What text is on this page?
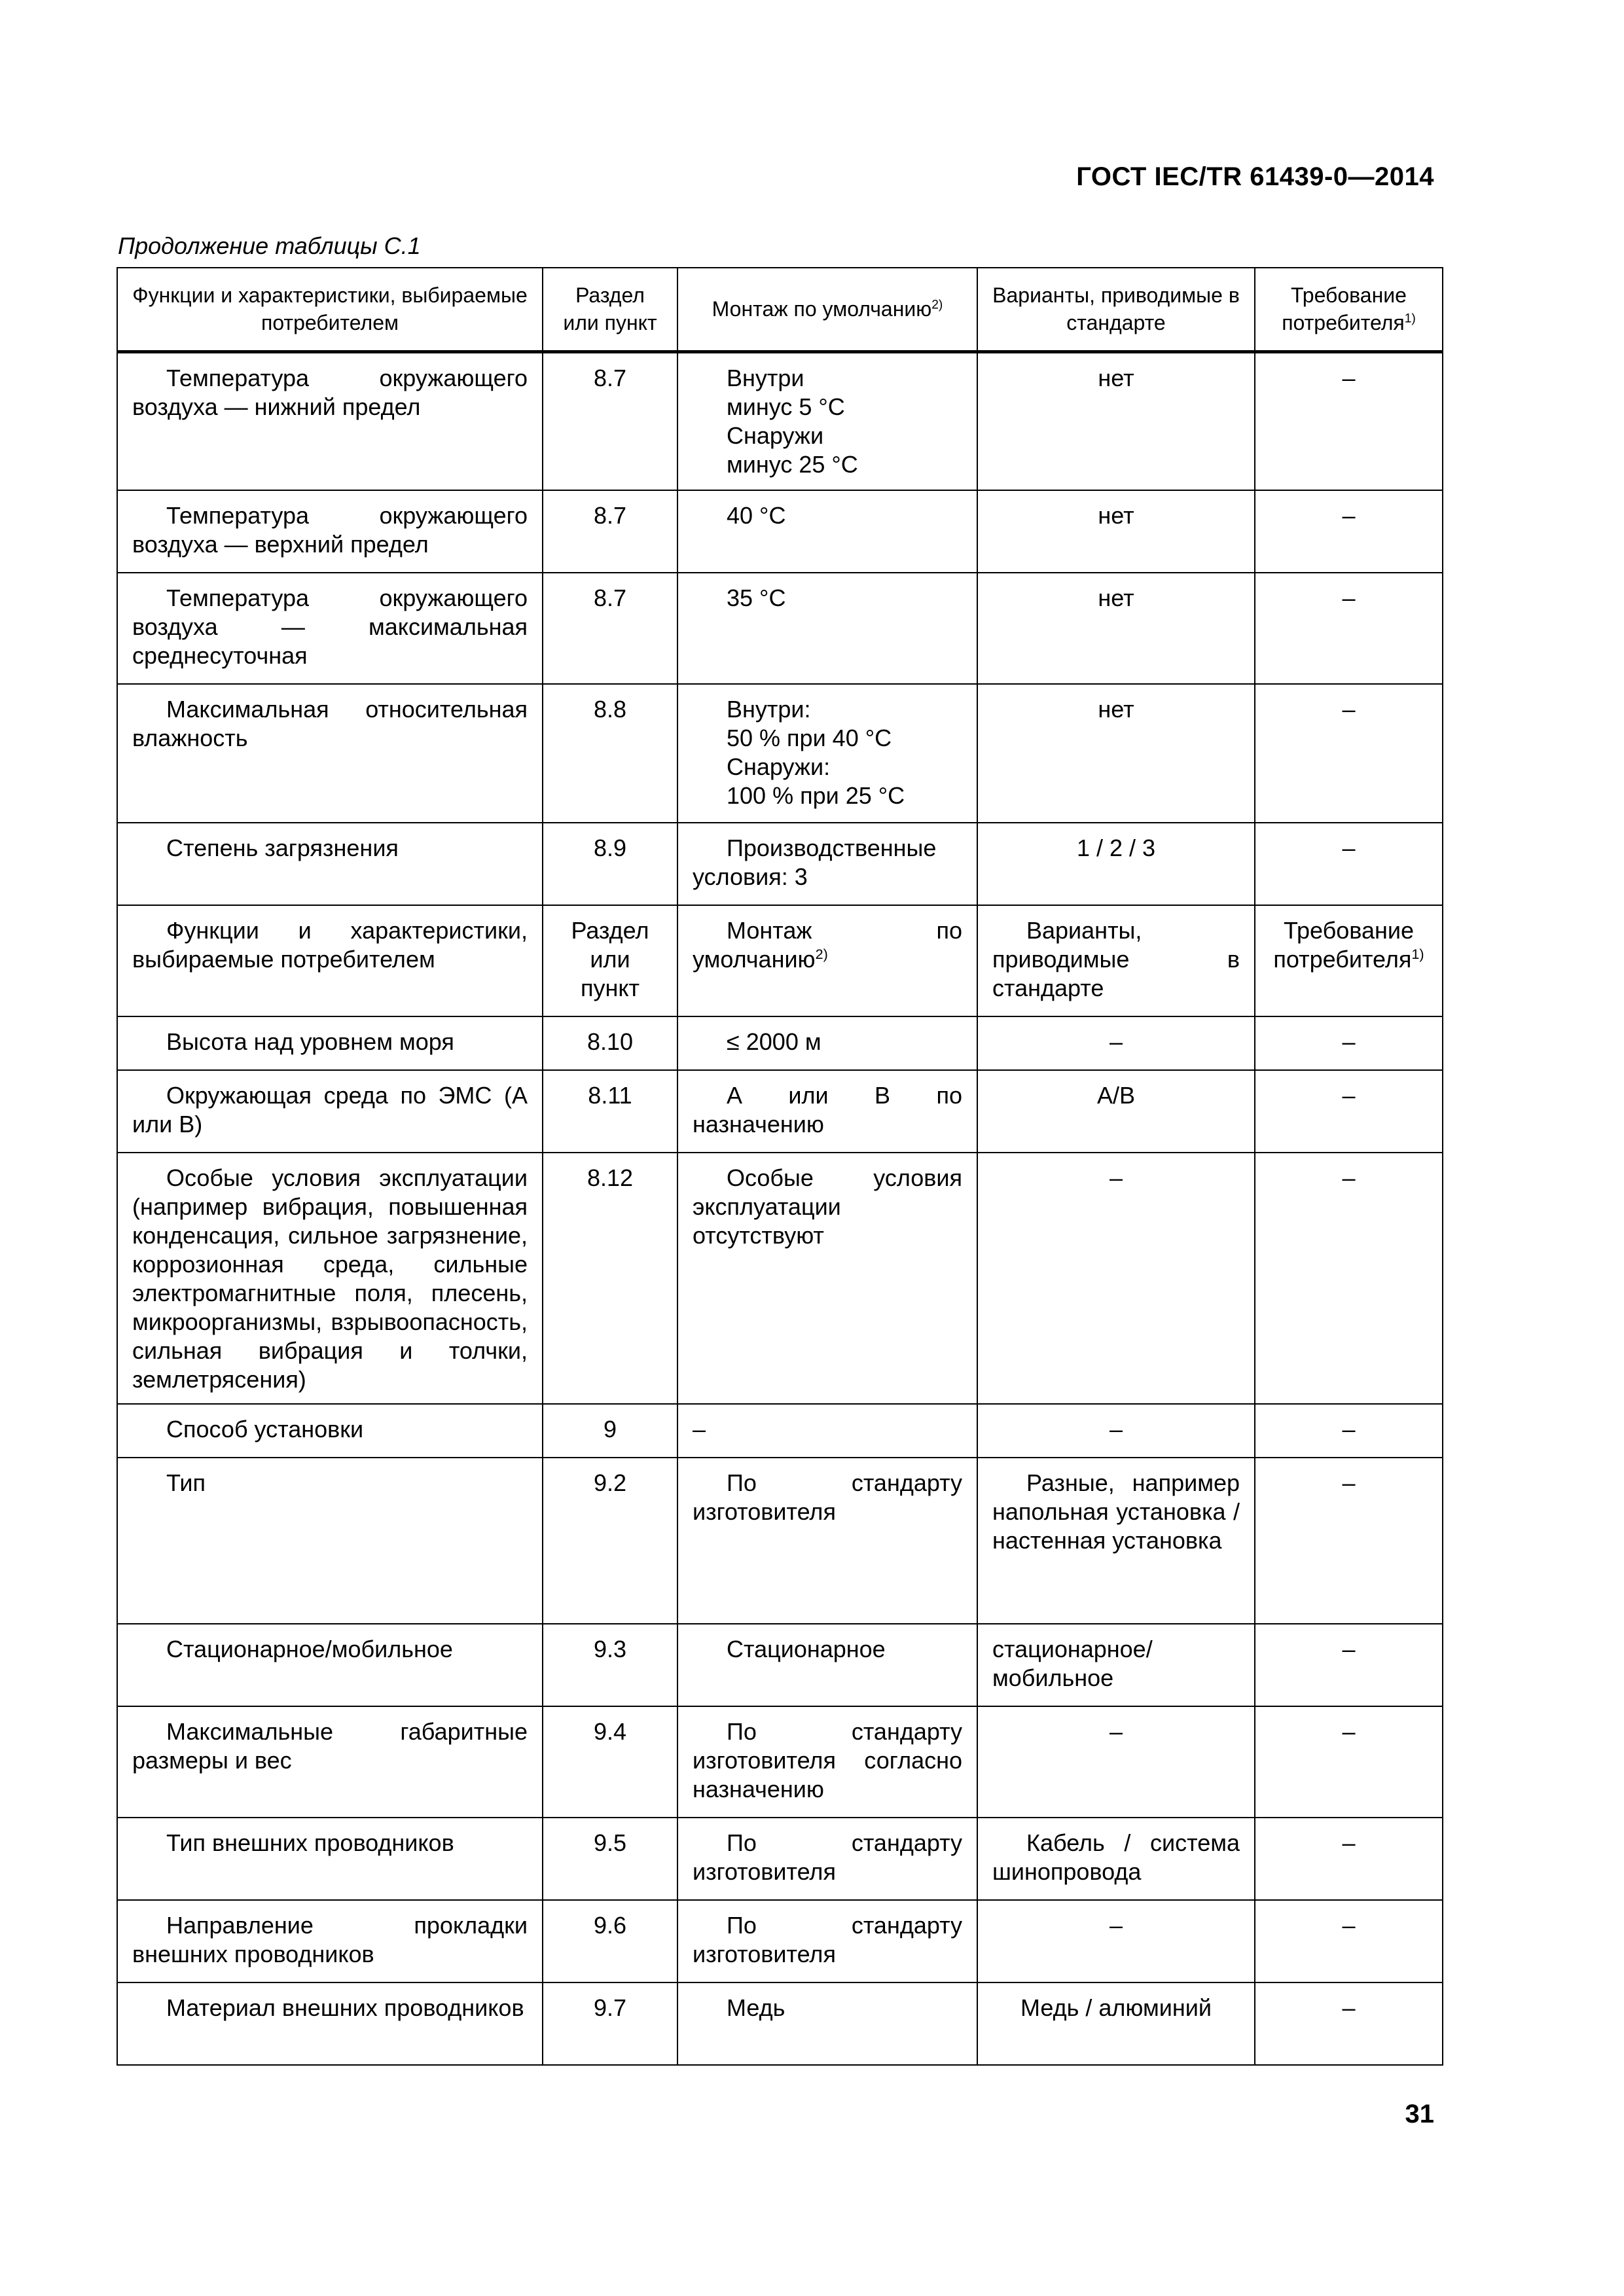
ГОСТ IEC/TR 61439-0—2014
Продолжение таблицы С.1
Функции и характеристики, выбираемые потребителем	Раздел или пункт	Монтаж по умолчанию$^{2)}$	Варианты, приводимые в стандарте	Требование потребителя$^{1)}$
Температура окружающего воздуха — нижний предел	8.7	Внутри
минус 5 °С
Снаружи
минус 25 °С	нет	–
Температура окружающего воздуха — верхний предел	8.7	40 °С	нет	–
Температура окружающего воздуха — максимальная среднесуточная	8.7	35 °С	нет	–
Максимальная относительная влажность	8.8	Внутри:
50 % при 40 °С
Снаружи:
100 % при 25 °С	нет	–
Степень загрязнения	8.9	Производственные условия: 3	1 / 2 / 3	–
Функции и характеристики, выбираемые потребителем	Раздел или пункт	Монтаж по умолчанию$^{2)}$	Варианты, приводимые в стандарте	Требование потребителя$^{1)}$
Высота над уровнем моря	8.10	≤ 2000 м	–	–
Окружающая среда по ЭМС (А или В)	8.11	А или В по назначению	A/B	–
Особые условия эксплуатации (например вибрация, повышенная конденсация, сильное загрязнение, коррозионная среда, сильные электромагнитные поля, плесень, микроорганизмы, взрывоопасность, сильная вибрация и толчки, землетрясения)	8.12	Особые условия эксплуатации отсутствуют	–	–
Способ установки	9	–	–	–
Тип	9.2	По стандарту изготовителя	Разные, например напольная установка / настенная установка	–
Стационарное/мобильное	9.3	Стационарное	стационарное/ мобильное	–
Максимальные габаритные размеры и вес	9.4	По стандарту изготовителя согласно назначению	–	–
Тип внешних проводников	9.5	По стандарту изготовителя	Кабель / система шинопровода	–
Направление прокладки внешних проводников	9.6	По стандарту изготовителя	–	–
Материал внешних проводников	9.7	Медь	Медь / алюминий	–
31
